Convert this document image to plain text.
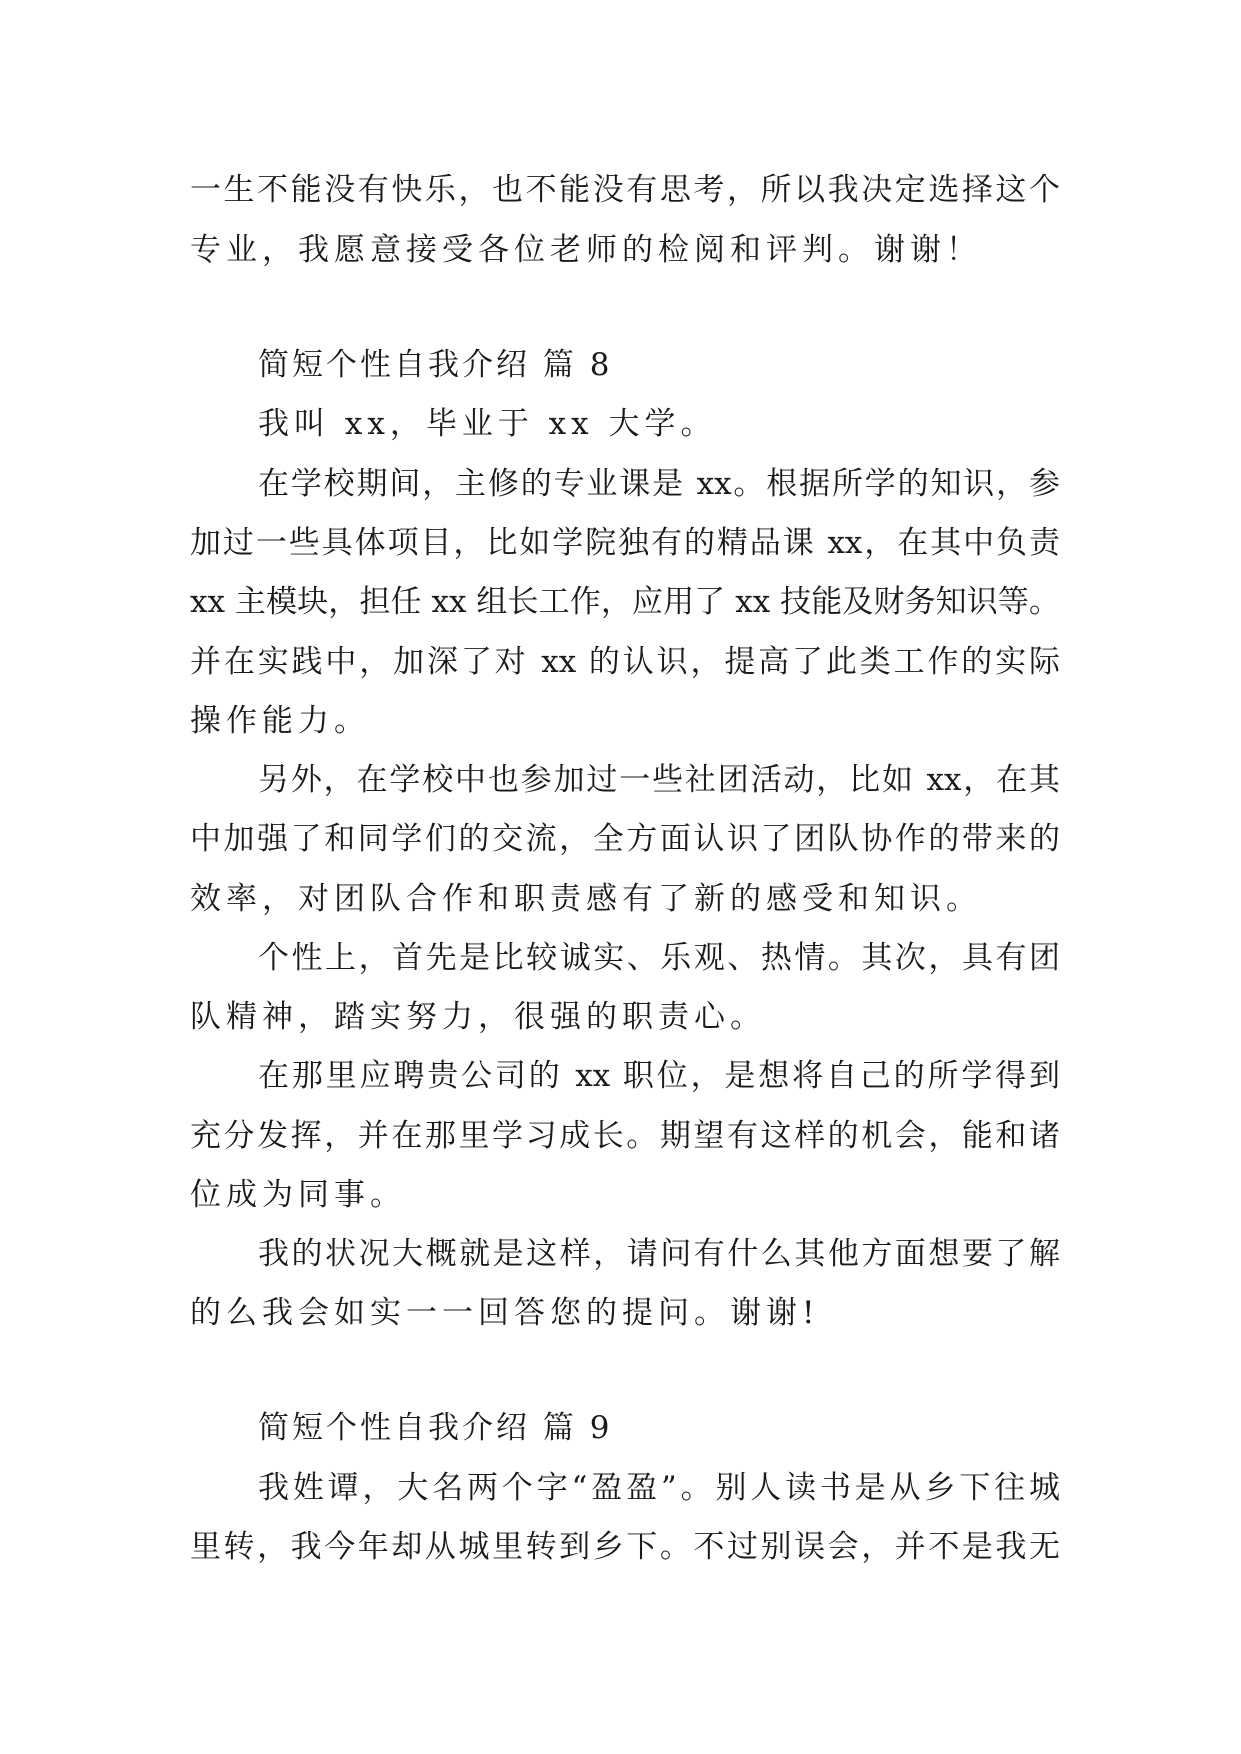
一生不能没有快乐，也不能没有思考，所以我决定选择这个
专业，我愿意接受各位老师的检阅和评判。谢谢！
简短个性自我介绍 篇 8
我叫 xx，毕业于 xx 大学。
在学校期间，主修的专业课是 xx。根据所学的知识，参
加过一些具体项目，比如学院独有的精品课 xx，在其中负责
xx 主模块，担任 xx 组长工作，应用了 xx 技能及财务知识等。
并在实践中，加深了对 xx 的认识，提高了此类工作的实际
操作能力。
另外，在学校中也参加过一些社团活动，比如 xx，在其
中加强了和同学们的交流，全方面认识了团队协作的带来的
效率，对团队合作和职责感有了新的感受和知识。
个性上，首先是比较诚实、乐观、热情。其次，具有团
队精神，踏实努力，很强的职责心。
在那里应聘贵公司的 xx 职位，是想将自己的所学得到
充分发挥，并在那里学习成长。期望有这样的机会，能和诸
位成为同事。
我的状况大概就是这样，请问有什么其他方面想要了解
的么我会如实一一回答您的提问。谢谢!
简短个性自我介绍 篇 9
我姓谭，大名两个字“盈盈”。别人读书是从乡下往城
里转，我今年却从城里转到乡下。不过别误会，并不是我无
